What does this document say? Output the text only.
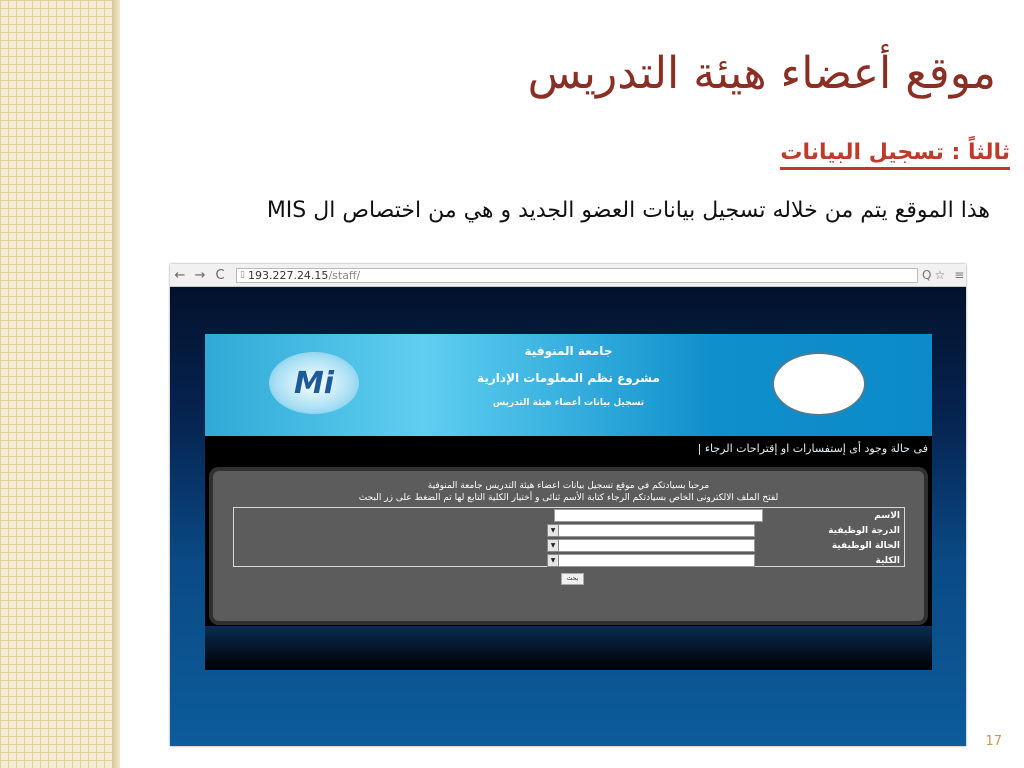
موقع أعضاء هيئة التدريس
ثالثاً : تسجيل البيانات
هذا الموقع يتم من خلاله تسجيل بيانات العضو الجديد و هي من اختصاص ال MIS
← → C	▯ 193.227.24.15 /staff/	Q ☆ ≡
Mi
جامعة المنوفية
مشروع نظم المعلومات الإدارية
تسجيل بيانات أعضاء هيئة التدريس
فى حالة وجود أى إستفسارات او إقتراحات الرجاء |
مرحبا بسيادتكم في موقع تسجيل بيانات اعضاء هيئة التدريس جامعة المنوفية
لفتح الملف الالكترونى الخاص بسيادتكم الرجاء كتابة الأسم ثنائى و أختيار الكلية التابع لها تم الضغط على زر البحث
الاسم
▼	الدرجة الوظيفية
▼	الحالة الوظيفية
▼	الكلية
بحث
17
